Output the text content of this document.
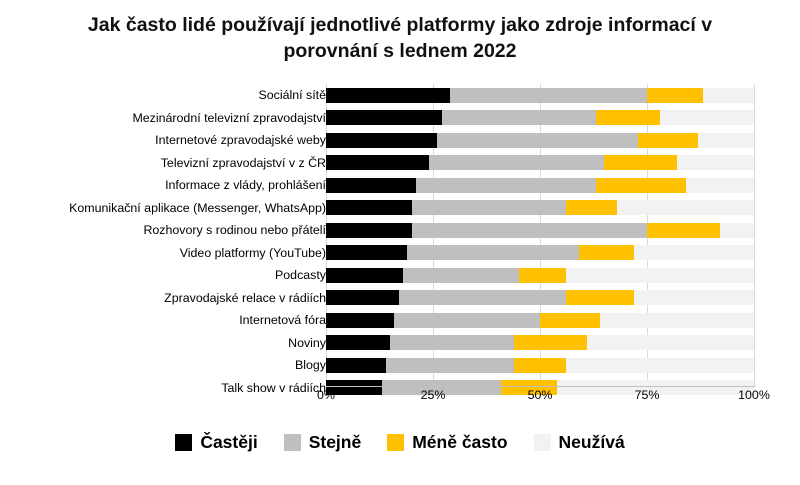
Jak často lidé používají jednotlivé platformy jako zdroje informací v porovnání s lednem 2022
Sociální sítě
Mezinárodní televizní zpravodajství
Internetové zpravodajské weby
Televizní zpravodajství v z ČR
Informace z vlády, prohlášení
Komunikační aplikace (Messenger, WhatsApp)
Rozhovory s rodinou nebo přátelí
Video platformy (YouTube)
Podcasty
Zpravodajské relace v rádiích
Internetová fóra
Noviny
Blogy
Talk show v rádiích
0%	25%	50%	75%	100%
Častěji	Stejně	Méně často	Neužívá
